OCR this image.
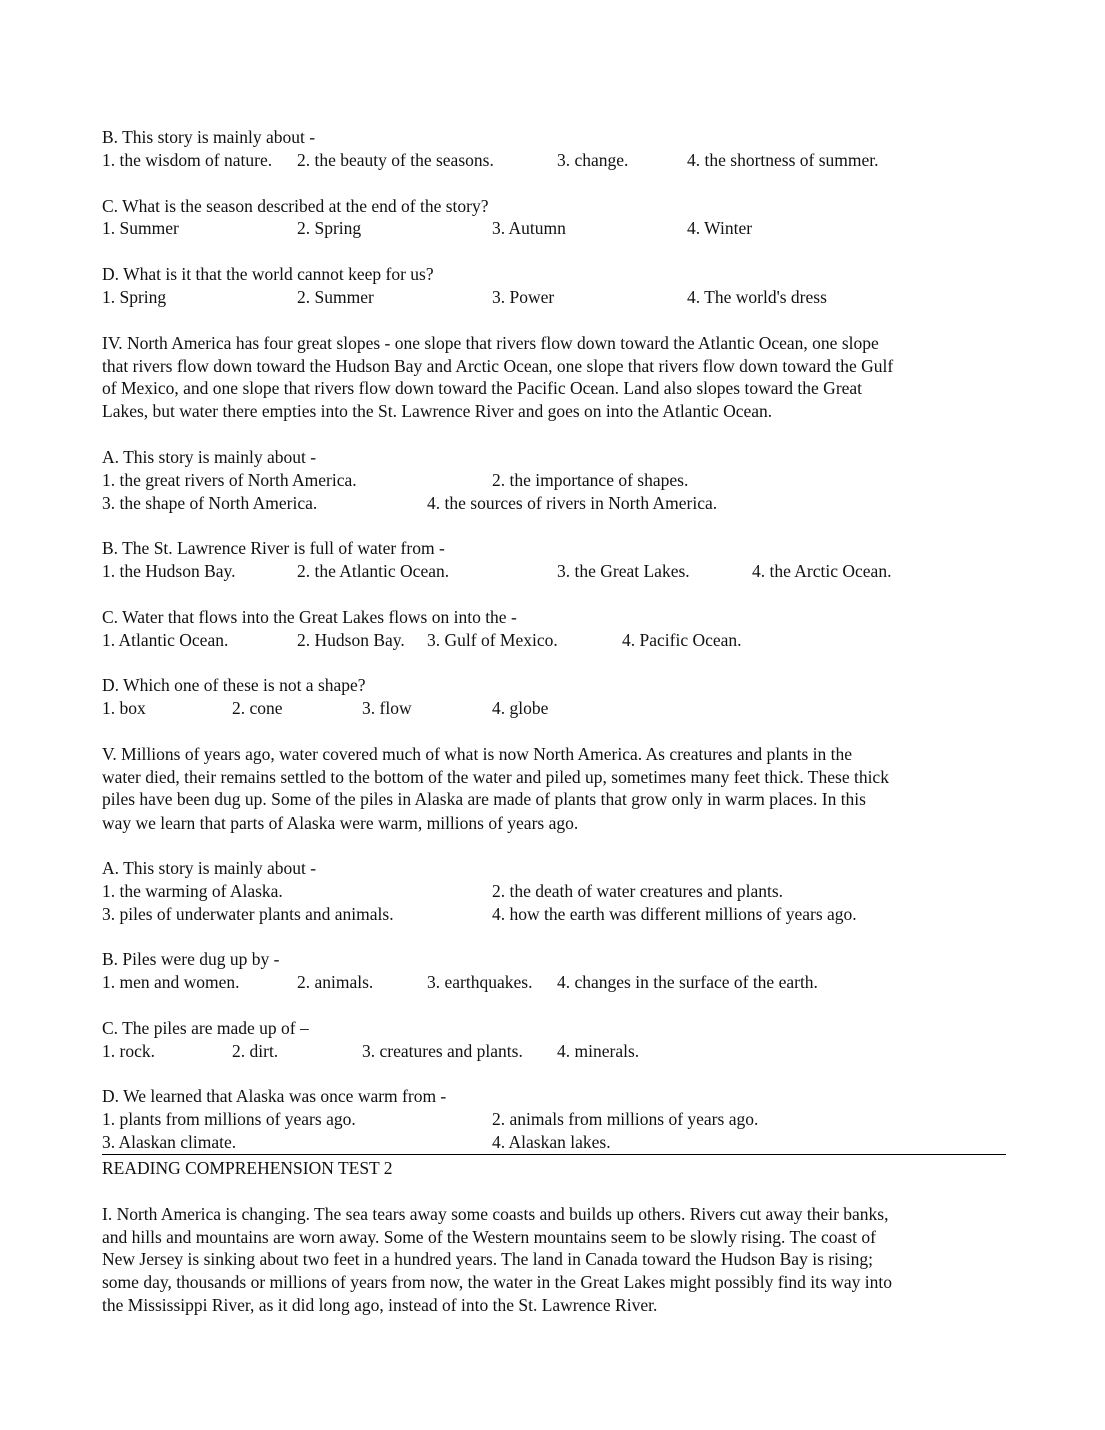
B. This story is mainly about -
1. the wisdom of nature. 2. the beauty of the seasons.	3. change.	4. the shortness of summer.
C. What is the season described at the end of the story?
1. Summer	2. Spring	3. Autumn	4. Winter
D. What is it that the world cannot keep for us?
1. Spring	2. Summer	3. Power	4. The world's dress
IV. North America has four great slopes - one slope that rivers flow down toward the Atlantic Ocean, one slope
that rivers flow down toward the Hudson Bay and Arctic Ocean, one slope that rivers flow down toward the Gulf
of Mexico, and one slope that rivers flow down toward the Pacific Ocean. Land also slopes toward the Great
Lakes, but water there empties into the St. Lawrence River and goes on into the Atlantic Ocean.
A. This story is mainly about -
1. the great rivers of North America.	2. the importance of shapes.
3. the shape of North America.	4. the sources of rivers in North America.
B. The St. Lawrence River is full of water from -
1. the Hudson Bay.	2. the Atlantic Ocean.	3. the Great Lakes.	4. the Arctic Ocean.
C. Water that flows into the Great Lakes flows on into the -
1. Atlantic Ocean.	2. Hudson Bay. 3. Gulf of Mexico.	4. Pacific Ocean.
D. Which one of these is not a shape?
1. box	2. cone	3. flow	4. globe
V. Millions of years ago, water covered much of what is now North America. As creatures and plants in the
water died, their remains settled to the bottom of the water and piled up, sometimes many feet thick. These thick
piles have been dug up. Some of the piles in Alaska are made of plants that grow only in warm places. In this
way we learn that parts of Alaska were warm, millions of years ago.
A. This story is mainly about -
1. the warming of Alaska.	2. the death of water creatures and plants.
3. piles of underwater plants and animals.	4. how the earth was different millions of years ago.
B. Piles were dug up by -
1. men and women.	2. animals.	3. earthquakes. 4. changes in the surface of the earth.
C. The piles are made up of –
1. rock.	2. dirt.	3. creatures and plants. 4. minerals.
D. We learned that Alaska was once warm from -
1. plants from millions of years ago.	2. animals from millions of years ago.
3. Alaskan climate.	4. Alaskan lakes.
READING COMPREHENSION TEST 2
I. North America is changing. The sea tears away some coasts and builds up others. Rivers cut away their banks,
and hills and mountains are worn away. Some of the Western mountains seem to be slowly rising. The coast of
New Jersey is sinking about two feet in a hundred years. The land in Canada toward the Hudson Bay is rising;
some day, thousands or millions of years from now, the water in the Great Lakes might possibly find its way into
the Mississippi River, as it did long ago, instead of into the St. Lawrence River.
